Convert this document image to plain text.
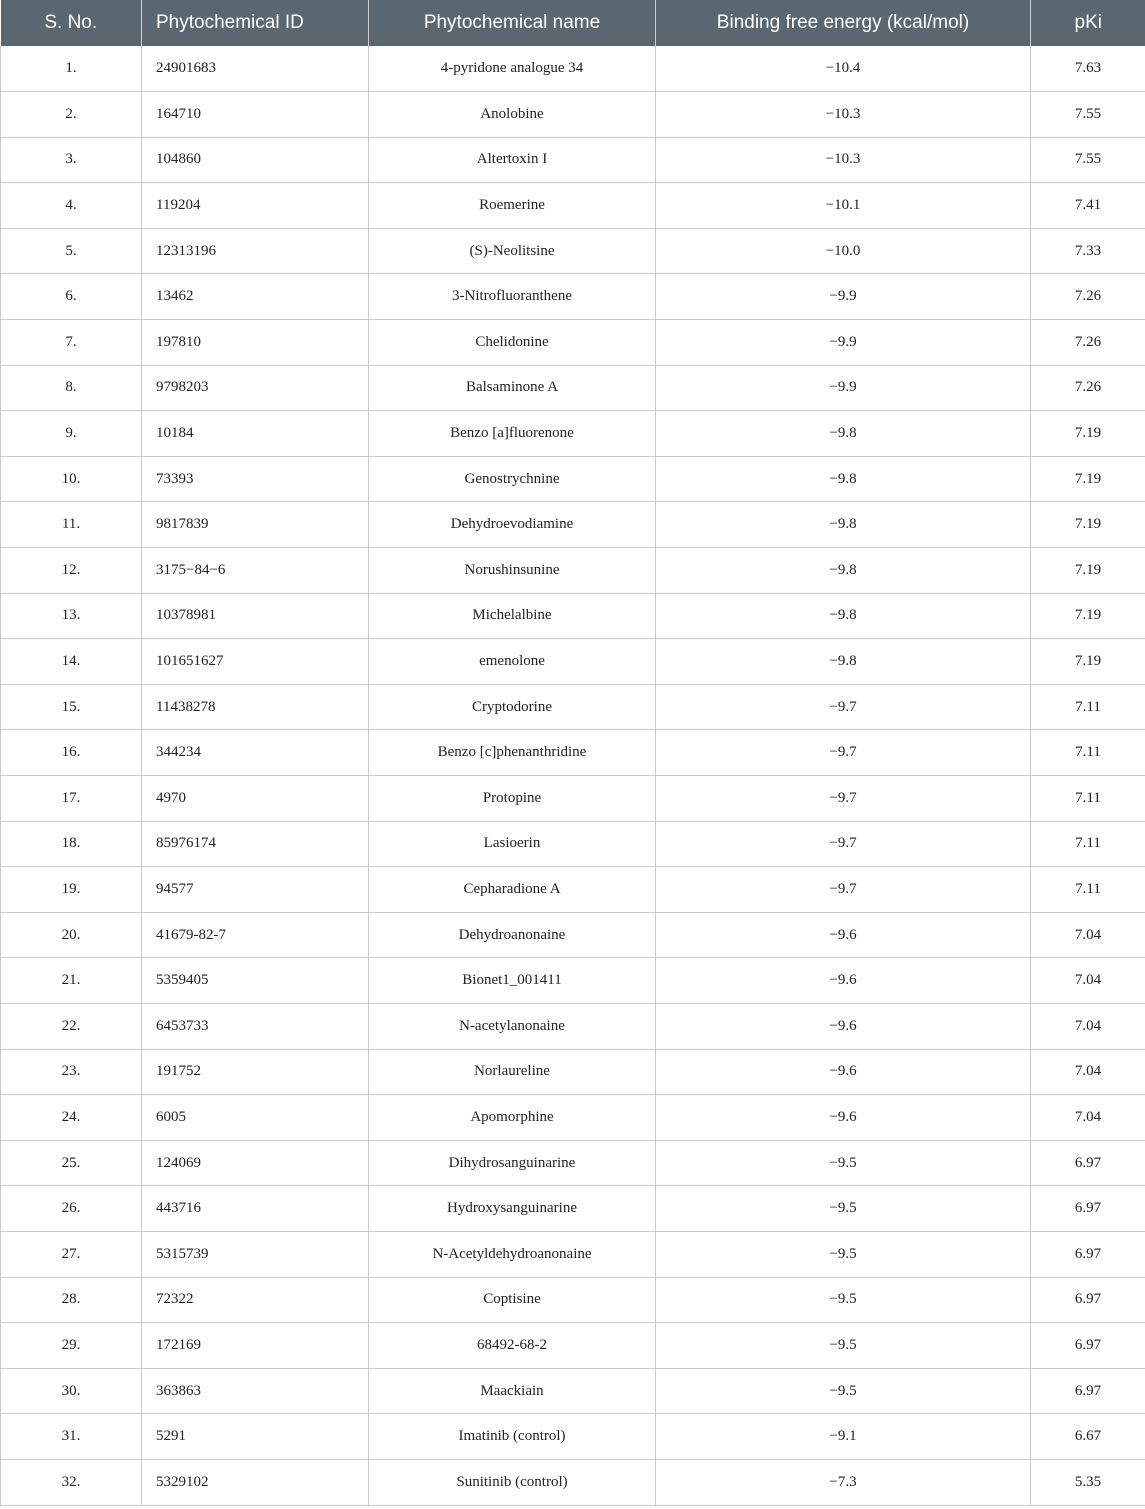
S. No.	Phytochemical ID	Phytochemical name	Binding free energy (kcal/mol)	pKi
1.	24901683	4-pyridone analogue 34	−10.4	7.63
2.	164710	Anolobine	−10.3	7.55
3.	104860	Altertoxin I	−10.3	7.55
4.	119204	Roemerine	−10.1	7.41
5.	12313196	(S)-Neolitsine	−10.0	7.33
6.	13462	3-Nitrofluoranthene	−9.9	7.26
7.	197810	Chelidonine	−9.9	7.26
8.	9798203	Balsaminone A	−9.9	7.26
9.	10184	Benzo [a]fluorenone	−9.8	7.19
10.	73393	Genostrychnine	−9.8	7.19
11.	9817839	Dehydroevodiamine	−9.8	7.19
12.	3175−84−6	Norushinsunine	−9.8	7.19
13.	10378981	Michelalbine	−9.8	7.19
14.	101651627	emenolone	−9.8	7.19
15.	11438278	Cryptodorine	−9.7	7.11
16.	344234	Benzo [c]phenanthridine	−9.7	7.11
17.	4970	Protopine	−9.7	7.11
18.	85976174	Lasioerin	−9.7	7.11
19.	94577	Cepharadione A	−9.7	7.11
20.	41679-82-7	Dehydroanonaine	−9.6	7.04
21.	5359405	Bionet1_001411	−9.6	7.04
22.	6453733	N-acetylanonaine	−9.6	7.04
23.	191752	Norlaureline	−9.6	7.04
24.	6005	Apomorphine	−9.6	7.04
25.	124069	Dihydrosanguinarine	−9.5	6.97
26.	443716	Hydroxysanguinarine	−9.5	6.97
27.	5315739	N-Acetyldehydroanonaine	−9.5	6.97
28.	72322	Coptisine	−9.5	6.97
29.	172169	68492-68-2	−9.5	6.97
30.	363863	Maackiain	−9.5	6.97
31.	5291	Imatinib (control)	−9.1	6.67
32.	5329102	Sunitinib (control)	−7.3	5.35
